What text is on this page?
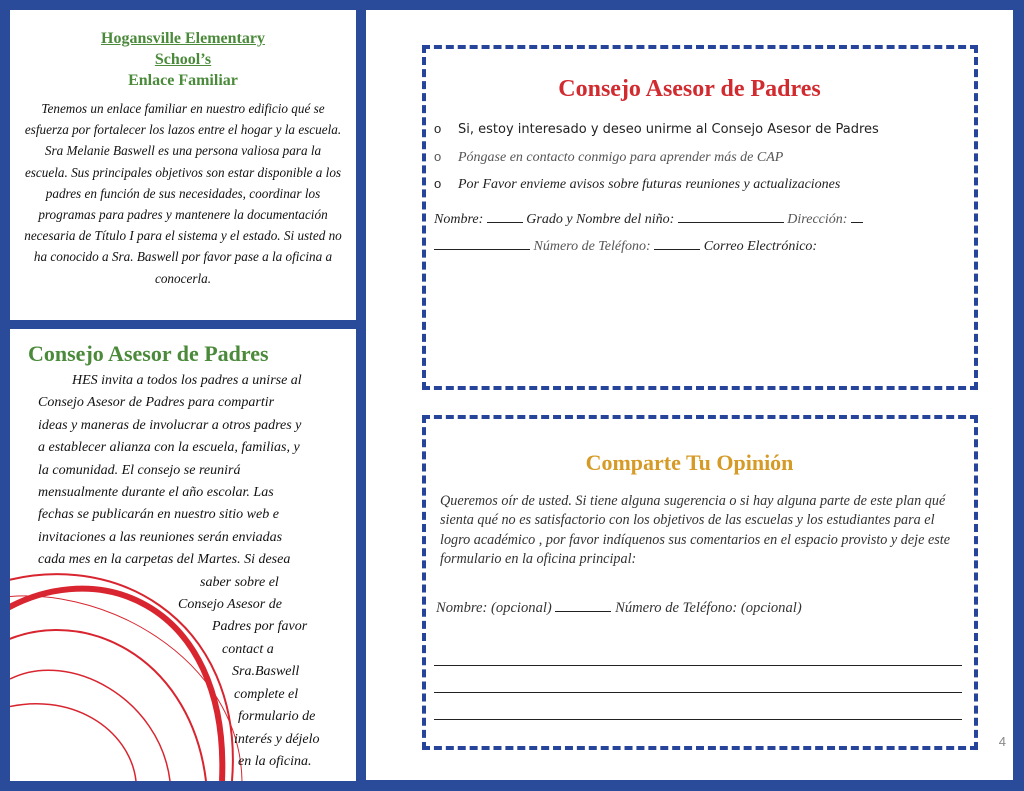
Hogansville Elementary
School’s
Enlace Familiar
Tenemos un enlace familiar en nuestro edificio qué se esfuerza por fortalecer los lazos entre el hogar y la escuela. Sra Melanie Baswell es una persona valiosa para la escuela. Sus principales objetivos son estar disponible a los padres en función de sus necesidades, coordinar los programas para padres y mantenere la documentación necesaria de Título I para el sistema y el estado. Si usted no ha conocido a Sra. Baswell por favor pase a la oficina a conocerla.
Consejo Asesor de Padres
HES invita a todos los padres a unirse al
Consejo Asesor de Padres para compartir
ideas y maneras de involucrar a otros padres y
a establecer alianza con la escuela, familias, y
la comunidad. El consejo se reunirá
mensualmente durante el año escolar. Las
fechas se publicarán en nuestro sitio web e
invitaciones a las reuniones serán enviadas
cada mes en la carpetas del Martes. Si desea
saber sobre el
Consejo Asesor de
Padres por favor
contact a
Sra.Baswell
complete el
formulario de
interés y déjelo
en la oficina.
Consejo Asesor de Padres
o Si, estoy interesado y deseo unirme al Consejo Asesor de Padres
o Póngase en contacto conmigo para aprender más de CAP
o Por Favor envieme avisos sobre futuras reuniones y actualizaciones
Nombre:	Grado y Nombre del niño:	Dirección:
Número de Teléfono:	Correo Electrónico:
Comparte Tu Opinión
Queremos oír de usted. Si tiene alguna sugerencia o si hay alguna parte de este plan qué sienta qué no es satisfactorio con los objetivos de las escuelas y los estudiantes para el logro académico , por favor indíquenos sus comentarios en el espacio provisto y deje este formulario en la oficina principal:
Nombre: (opcional)	Número de Teléfono: (opcional)
4
